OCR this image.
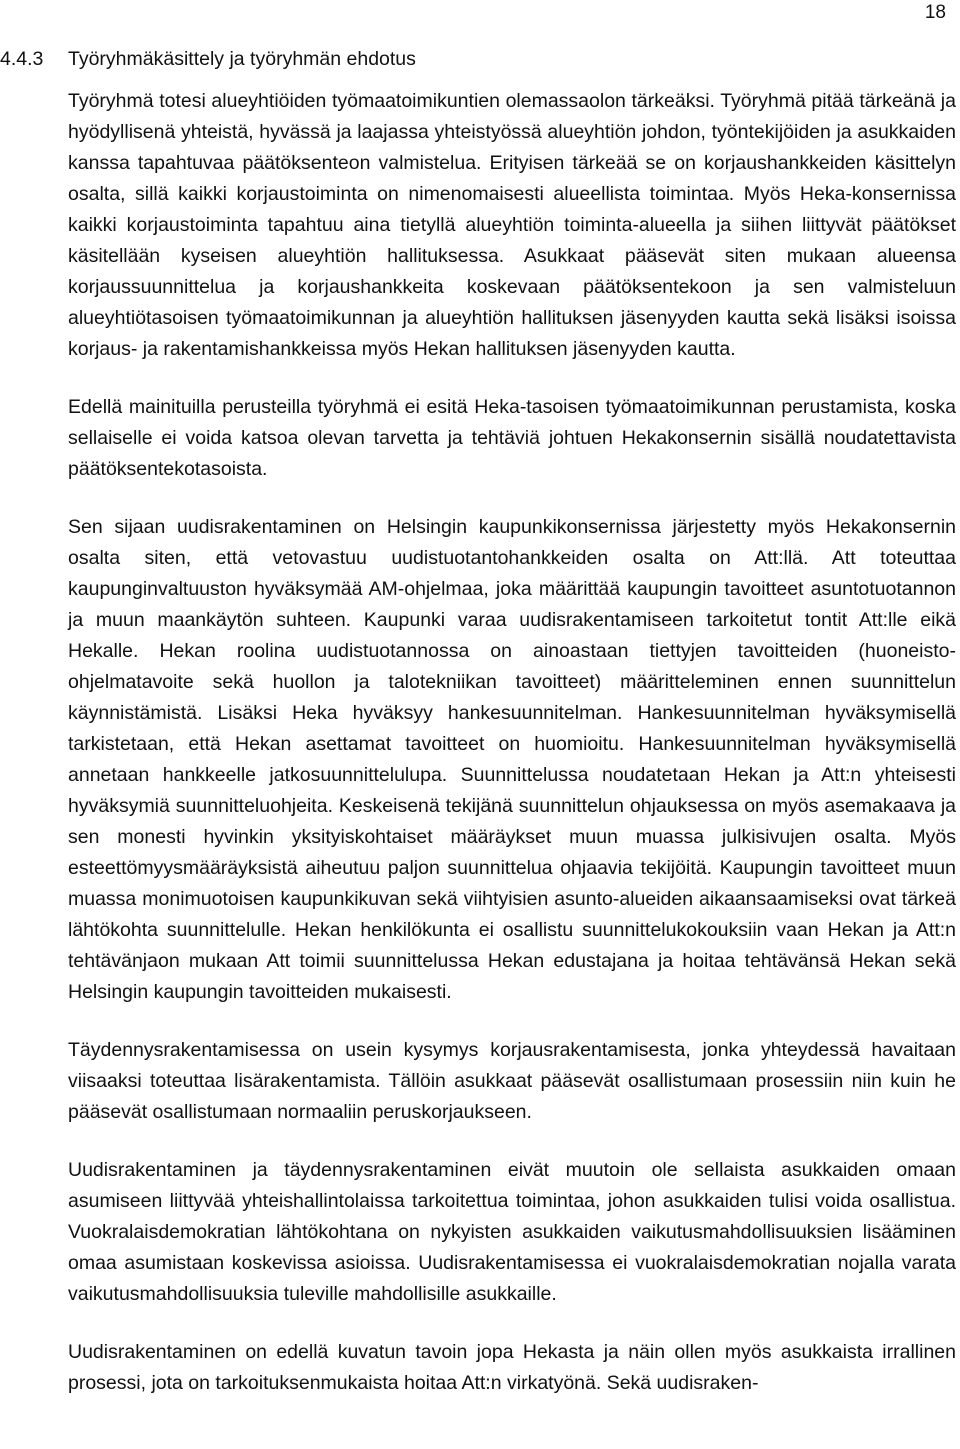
18
4.4.3 Työryhmäkäsittely ja työryhmän ehdotus

Työryhmä totesi alueyhtiöiden työmaatoimikuntien olemassaolon tärkeäksi. Työryhmä pitää tärkeänä ja hyödyllisenä yhteistä, hyvässä ja laajassa yhteistyössä alueyhtiön johdon, työntekijöiden ja asukkaiden kanssa tapahtuvaa päätöksenteon valmistelua. Erityisen tärkeää se on korjaushankkeiden käsittelyn osalta, sillä kaikki korjaustoiminta on nimenomaisesti alueellista toimintaa. Myös Heka-konsernissa kaikki korjaustoiminta tapahtuu aina tietyllä alueyhtiön toiminta-alueella ja siihen liittyvät päätökset käsitellään kyseisen alueyhtiön hallituksessa. Asukkaat pääsevät siten mukaan alueensa korjaussuunnittelua ja korjaushankkeita koskevaan päätöksentekoon ja sen valmisteluun alueyhtiötasoisen työmaatoimikunnan ja alueyhtiön hallituksen jäsenyyden kautta sekä lisäksi isoissa korjaus- ja rakentamishankkeissa myös Hekan hallituksen jäsenyyden kautta.

Edellä mainituilla perusteilla työryhmä ei esitä Heka-tasoisen työmaatoimikunnan perustamista, koska sellaiselle ei voida katsoa olevan tarvetta ja tehtäviä johtuen Hekakonsernin sisällä noudatettavista päätöksentekotasoista.

Sen sijaan uudisrakentaminen on Helsingin kaupunkikonsernissa järjestetty myös Hekakonsernin osalta siten, että vetovastuu uudistuotantohankkeiden osalta on Att:llä. Att toteuttaa kaupunginvaltuuston hyväksymää AM-ohjelmaa, joka määrittää kaupungin tavoitteet asuntotuotannon ja muun maankäytön suhteen. Kaupunki varaa uudisrakentamiseen tarkoitetut tontit Att:lle eikä Hekalle. Hekan roolina uudistuotannossa on ainoastaan tiettyjen tavoitteiden (huoneisto-ohjelmatavoite sekä huollon ja talotekniikan tavoitteet) määritteleminen ennen suunnittelun käynnistämistä. Lisäksi Heka hyväksyy hankesuunnitelman. Hankesuunnitelman hyväksymisellä tarkistetaan, että Hekan asettamat tavoitteet on huomioitu. Hankesuunnitelman hyväksymisellä annetaan hankkeelle jatkosuunnittelulupa. Suunnittelussa noudatetaan Hekan ja Att:n yhteisesti hyväksymiä suunnitteluohjeita. Keskeisenä tekijänä suunnittelun ohjauksessa on myös asemakaava ja sen monesti hyvinkin yksityiskohtaiset määräykset muun muassa julkisivujen osalta. Myös esteettömyysmääräyksistä aiheutuu paljon suunnittelua ohjaavia tekijöitä. Kaupungin tavoitteet muun muassa monimuotoisen kaupunkikuvan sekä viihtyisien asunto-alueiden aikaansaamiseksi ovat tärkeä lähtökohta suunnittelulle. Hekan henkilökunta ei osallistu suunnittelukokouksiin vaan Hekan ja Att:n tehtävänjaon mukaan Att toimii suunnittelussa Hekan edustajana ja hoitaa tehtävänsä Hekan sekä Helsingin kaupungin tavoitteiden mukaisesti.

Täydennysrakentamisessa on usein kysymys korjausrakentamisesta, jonka yhteydessä havaitaan viisaaksi toteuttaa lisärakentamista. Tällöin asukkaat pääsevät osallistumaan prosessiin niin kuin he pääsevät osallistumaan normaaliin peruskorjaukseen.

Uudisrakentaminen ja täydennysrakentaminen eivät muutoin ole sellaista asukkaiden omaan asumiseen liittyvää yhteishallintolaissa tarkoitettua toimintaa, johon asukkaiden tulisi voida osallistua. Vuokralaisdemokratian lähtökohtana on nykyisten asukkaiden vaikutusmahdollisuuksien lisääminen omaa asumistaan koskevissa asioissa. Uudisrakentamisessa ei vuokralaisdemokratian nojalla varata vaikutusmahdollisuuksia tuleville mahdollisille asukkaille.

Uudisrakentaminen on edellä kuvatun tavoin jopa Hekasta ja näin ollen myös asukkaista irrallinen prosessi, jota on tarkoituksenmukaista hoitaa Att:n virkatyönä. Sekä uudisraken-
